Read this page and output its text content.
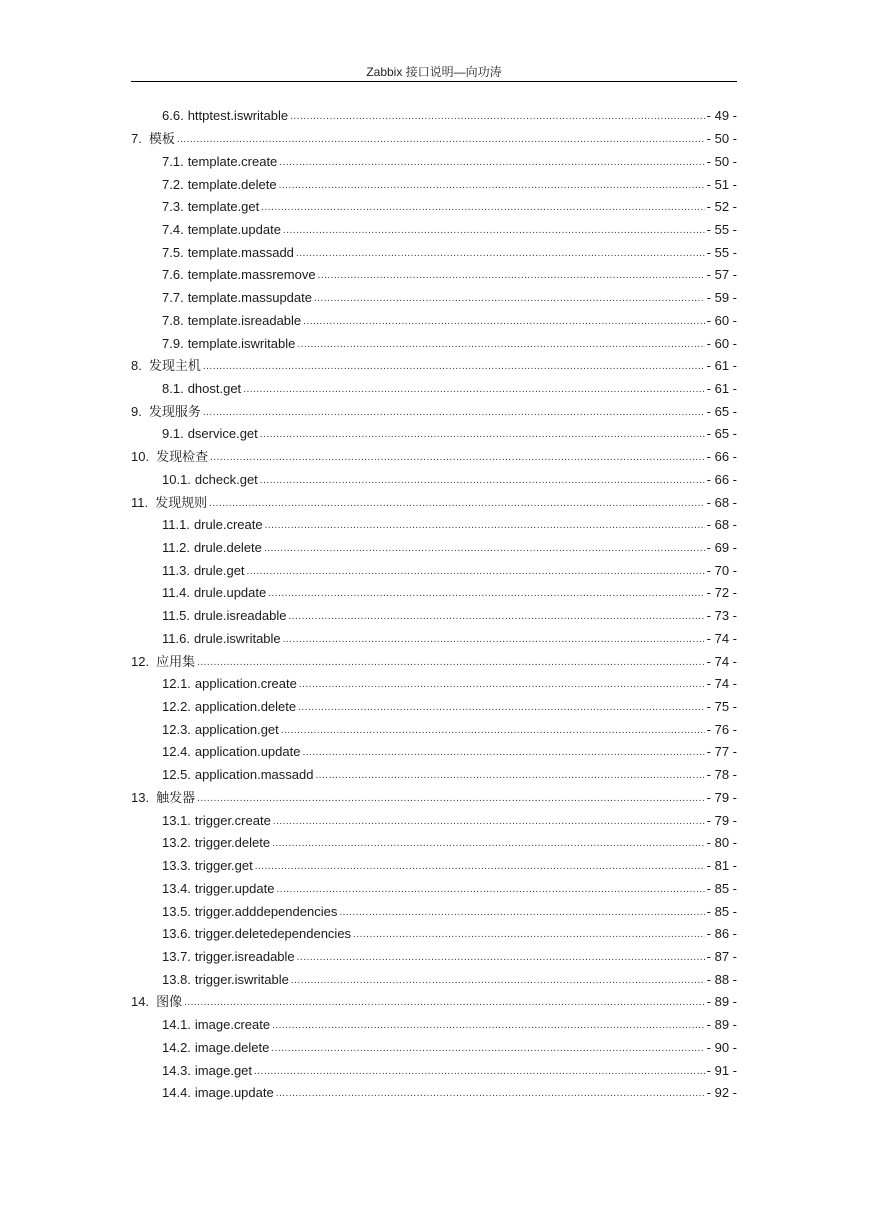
Zabbix 接口说明—向功涛
6.6. httptest.iswritable .....	- 49 -
7. 模板 .....	- 50 -
7.1. template.create .....	- 50 -
7.2. template.delete .....	- 51 -
7.3. template.get .....	- 52 -
7.4. template.update .....	- 55 -
7.5. template.massadd .....	- 55 -
7.6. template.massremove .....	- 57 -
7.7. template.massupdate .....	- 59 -
7.8. template.isreadable .....	- 60 -
7.9. template.iswritable .....	- 60 -
8. 发现主机 .....	- 61 -
8.1. dhost.get .....	- 61 -
9. 发现服务 .....	- 65 -
9.1. dservice.get .....	- 65 -
10. 发现检查 .....	- 66 -
10.1. dcheck.get .....	- 66 -
11. 发现规则 .....	- 68 -
11.1. drule.create .....	- 68 -
11.2. drule.delete .....	- 69 -
11.3. drule.get .....	- 70 -
11.4. drule.update .....	- 72 -
11.5. drule.isreadable .....	- 73 -
11.6. drule.iswritable .....	- 74 -
12. 应用集 .....	- 74 -
12.1. application.create .....	- 74 -
12.2. application.delete .....	- 75 -
12.3. application.get .....	- 76 -
12.4. application.update .....	- 77 -
12.5. application.massadd .....	- 78 -
13. 触发器 .....	- 79 -
13.1. trigger.create .....	- 79 -
13.2. trigger.delete .....	- 80 -
13.3. trigger.get .....	- 81 -
13.4. trigger.update .....	- 85 -
13.5. trigger.adddependencies .....	- 85 -
13.6. trigger.deletedependencies .....	- 86 -
13.7. trigger.isreadable .....	- 87 -
13.8. trigger.iswritable .....	- 88 -
14. 图像 .....	- 89 -
14.1. image.create .....	- 89 -
14.2. image.delete .....	- 90 -
14.3. image.get .....	- 91 -
14.4. image.update .....	- 92 -
